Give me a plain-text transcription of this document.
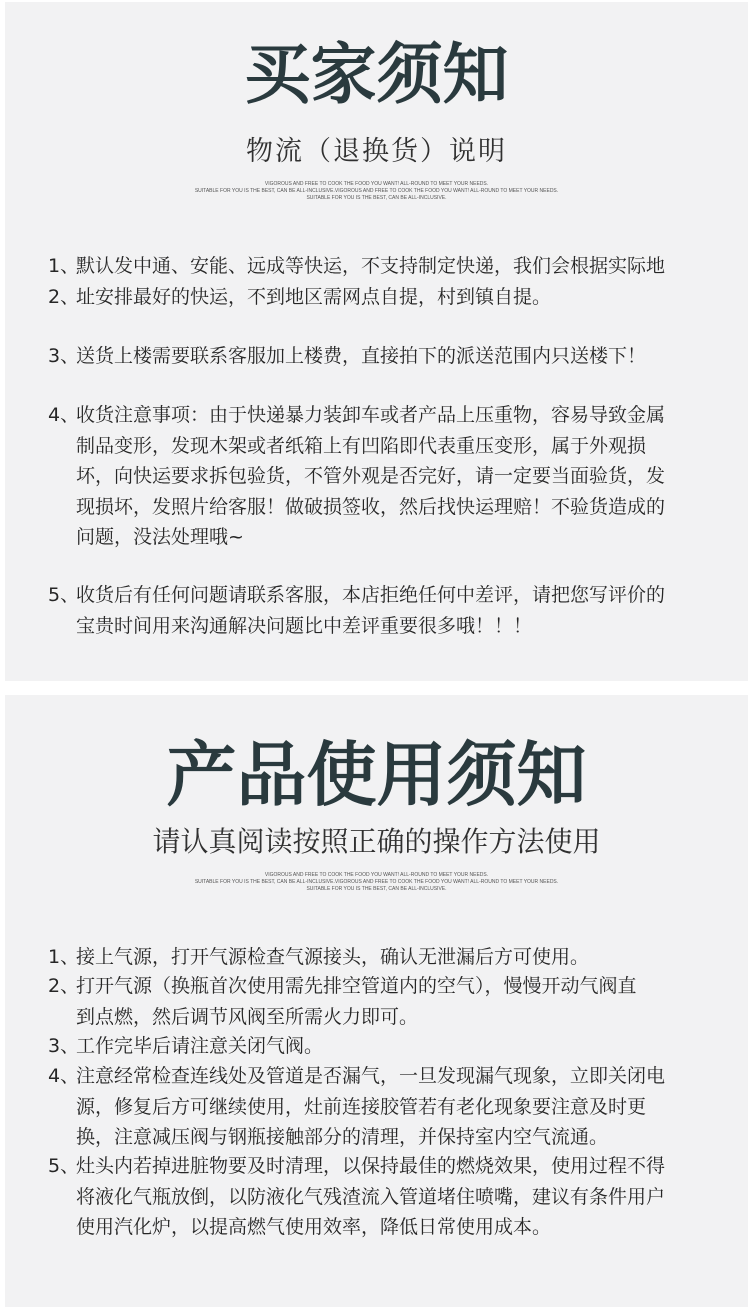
买家须知
物流（退换货）说明
VIGOROUS AND FREE TO COOK THE FOOD YOU WANT! ALL-ROUND TO MEET YOUR NEEDS.
SUITABLE FOR YOU IS THE BEST, CAN BE ALL-INCLUSIVE.VIGOROUS AND FREE TO COOK THE FOOD YOU WANT! ALL-ROUND TO MEET YOUR NEEDS.
SUITABLE FOR YOU IS THE BEST, CAN BE ALL-INCLUSIVE.
1、
默认发中通、安能、远成等快运，不支持制定快递，我们会根据实际地
2、
址安排最好的快运，不到地区需网点自提，村到镇自提。
3、
送货上楼需要联系客服加上楼费，直接拍下的派送范围内只送楼下！
4、
收货注意事项：由于快递暴力装卸车或者产品上压重物，容易导致金属
制品变形，发现木架或者纸箱上有凹陷即代表重压变形，属于外观损
坏，向快运要求拆包验货，不管外观是否完好，请一定要当面验货，发
现损坏，发照片给客服！做破损签收，然后找快运理赔！不验货造成的
问题，没法处理哦~
5、
收货后有任何问题请联系客服，本店拒绝任何中差评，请把您写评价的
宝贵时间用来沟通解决问题比中差评重要很多哦！！！
产品使用须知
请认真阅读按照正确的操作方法使用
VIGOROUS AND FREE TO COOK THE FOOD YOU WANT! ALL-ROUND TO MEET YOUR NEEDS.
SUITABLE FOR YOU IS THE BEST, CAN BE ALL-INCLUSIVE.VIGOROUS AND FREE TO COOK THE FOOD YOU WANT! ALL-ROUND TO MEET YOUR NEEDS.
SUITABLE FOR YOU IS THE BEST, CAN BE ALL-INCLUSIVE.
1、
接上气源，打开气源检查气源接头，确认无泄漏后方可使用。
2、
打开气源（换瓶首次使用需先排空管道内的空气），慢慢开动气阀直
到点燃，然后调节风阀至所需火力即可。
3、
工作完毕后请注意关闭气阀。
4、
注意经常检查连线处及管道是否漏气，一旦发现漏气现象，立即关闭电
源，修复后方可继续使用，灶前连接胶管若有老化现象要注意及时更
换，注意减压阀与钢瓶接触部分的清理，并保持室内空气流通。
5、
灶头内若掉进脏物要及时清理，以保持最佳的燃烧效果，使用过程不得
将液化气瓶放倒，以防液化气残渣流入管道堵住喷嘴，建议有条件用户
使用汽化炉，以提高燃气使用效率，降低日常使用成本。
